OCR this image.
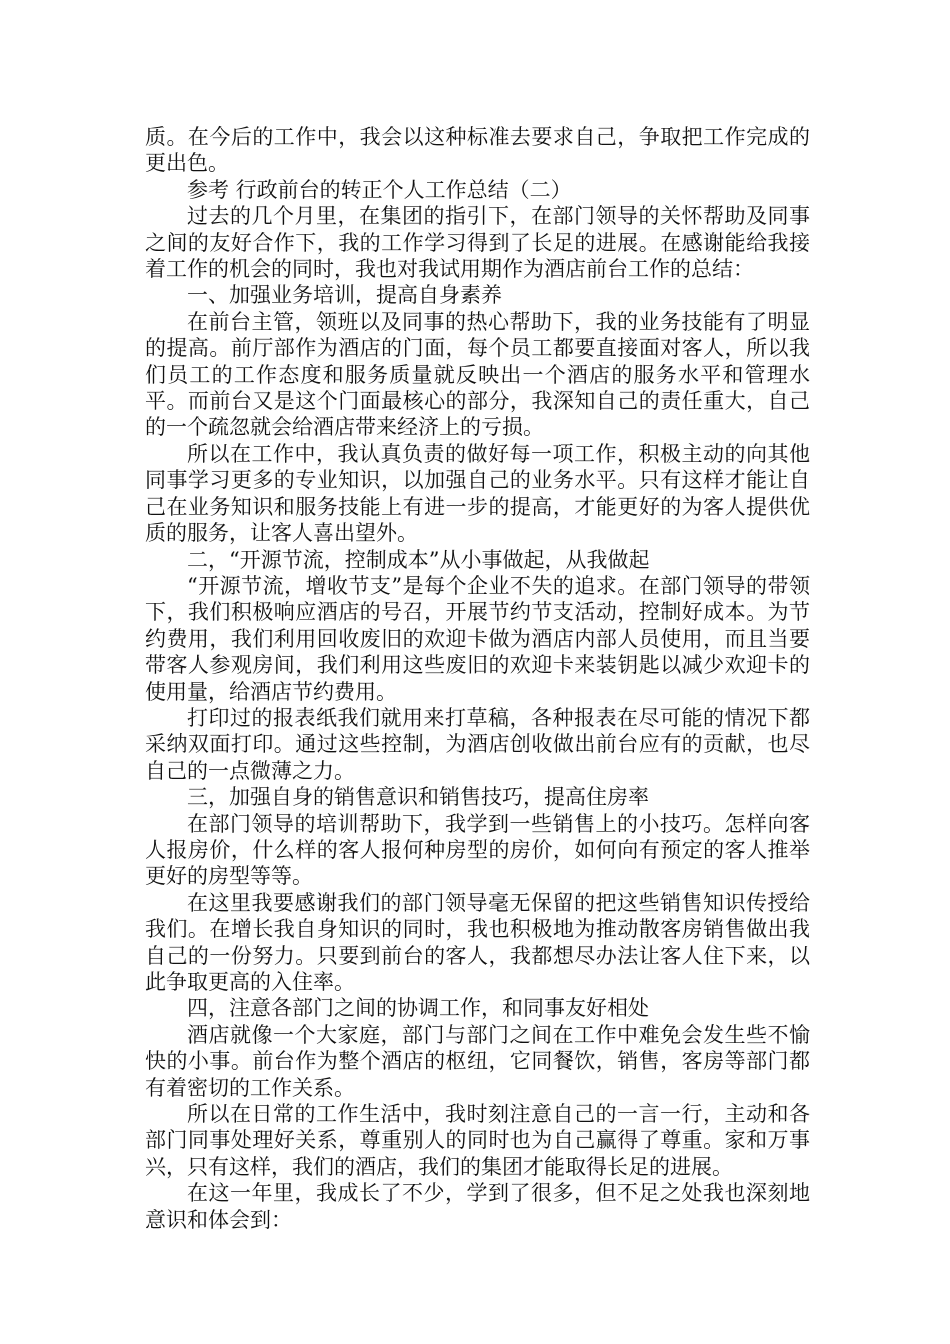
质。在今后的工作中，我会以这种标准去要求自己，争取把工作完成的更出色。

参考 行政前台的转正个人工作总结（二）

过去的几个月里，在集团的指引下，在部门领导的关怀帮助及同事之间的友好合作下，我的工作学习得到了长足的进展。在感谢能给我接着工作的机会的同时，我也对我试用期作为酒店前台工作的总结：

一、加强业务培训，提高自身素养

在前台主管，领班以及同事的热心帮助下，我的业务技能有了明显的提高。前厅部作为酒店的门面，每个员工都要直接面对客人，所以我们员工的工作态度和服务质量就反映出一个酒店的服务水平和管理水平。而前台又是这个门面最核心的部分，我深知自己的责任重大，自己的一个疏忽就会给酒店带来经济上的亏损。

所以在工作中，我认真负责的做好每一项工作，积极主动的向其他同事学习更多的专业知识，以加强自己的业务水平。只有这样才能让自己在业务知识和服务技能上有进一步的提高，才能更好的为客人提供优质的服务，让客人喜出望外。

二，“开源节流，控制成本”从小事做起，从我做起

“开源节流，增收节支”是每个企业不失的追求。在部门领导的带领下，我们积极响应酒店的号召，开展节约节支活动，控制好成本。为节约费用，我们利用回收废旧的欢迎卡做为酒店内部人员使用，而且当要带客人参观房间，我们利用这些废旧的欢迎卡来装钥匙以减少欢迎卡的使用量，给酒店节约费用。

打印过的报表纸我们就用来打草稿，各种报表在尽可能的情况下都采纳双面打印。通过这些控制，为酒店创收做出前台应有的贡献，也尽自己的一点微薄之力。

三，加强自身的销售意识和销售技巧，提高住房率

在部门领导的培训帮助下，我学到一些销售上的小技巧。怎样向客人报房价，什么样的客人报何种房型的房价，如何向有预定的客人推举更好的房型等等。

在这里我要感谢我们的部门领导毫无保留的把这些销售知识传授给我们。在增长我自身知识的同时，我也积极地为推动散客房销售做出我自己的一份努力。只要到前台的客人，我都想尽办法让客人住下来，以此争取更高的入住率。

四，注意各部门之间的协调工作，和同事友好相处

酒店就像一个大家庭，部门与部门之间在工作中难免会发生些不愉快的小事。前台作为整个酒店的枢纽，它同餐饮，销售，客房等部门都有着密切的工作关系。

所以在日常的工作生活中，我时刻注意自己的一言一行，主动和各部门同事处理好关系，尊重别人的同时也为自己赢得了尊重。家和万事兴，只有这样，我们的酒店，我们的集团才能取得长足的进展。

在这一年里，我成长了不少，学到了很多，但不足之处我也深刻地意识和体会到：
